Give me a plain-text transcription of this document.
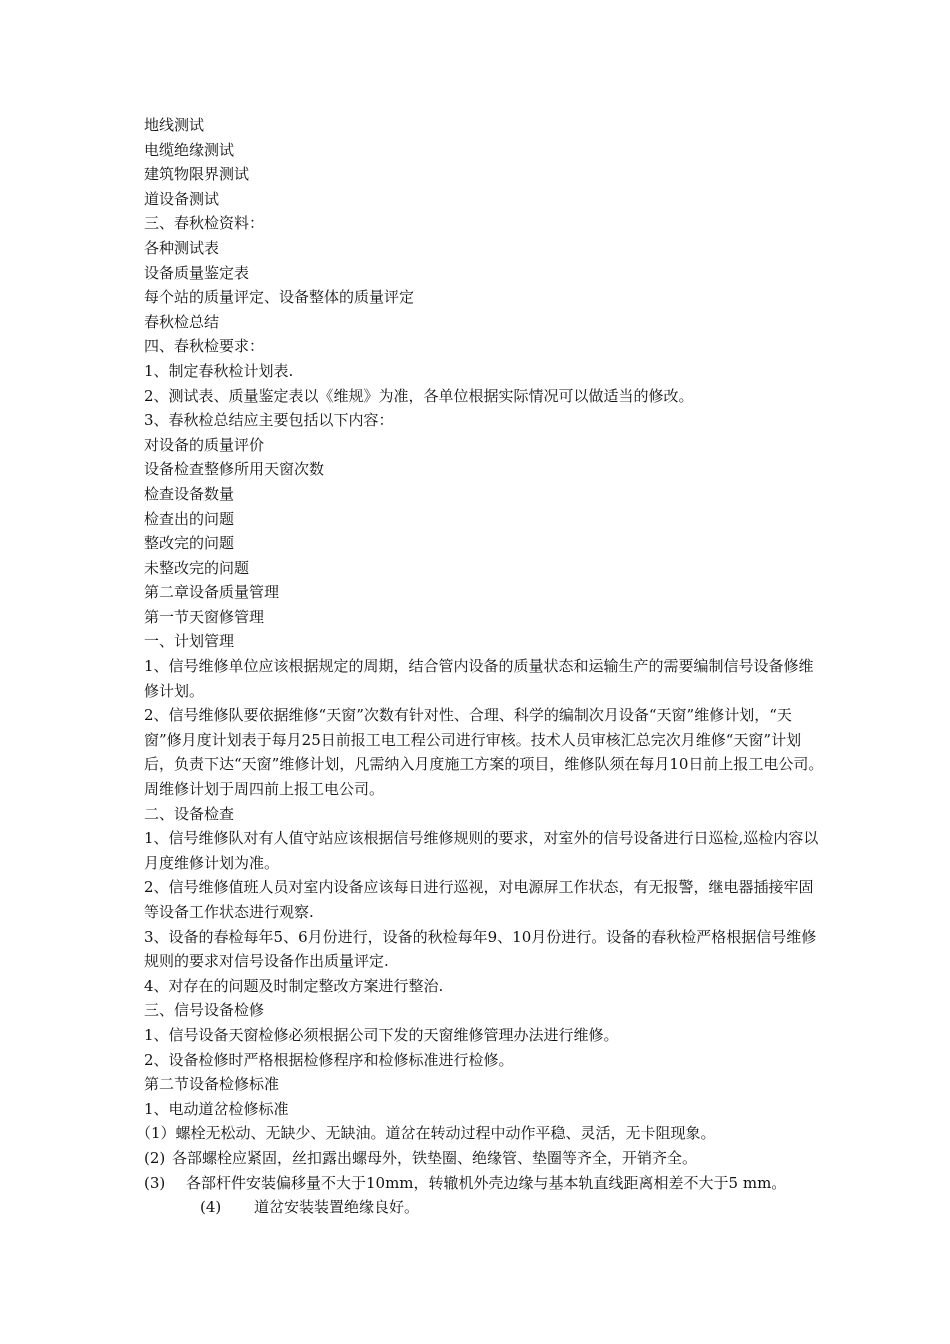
地线测试
电缆绝缘测试
建筑物限界测试
道设备测试
三、春秋检资料：
各种测试表
设备质量鉴定表
每个站的质量评定、设备整体的质量评定
春秋检总结
四、春秋检要求：
1、制定春秋检计划表.
2、测试表、质量鉴定表以《维规》为准，各单位根据实际情况可以做适当的修改。
3、春秋检总结应主要包括以下内容：
对设备的质量评价
设备检查整修所用天窗次数
检查设备数量
检查出的问题
整改完的问题
未整改完的问题
第二章设备质量管理
第一节天窗修管理
一、计划管理
1、信号维修单位应该根据规定的周期，结合管内设备的质量状态和运输生产的需要编制信号设备修维修计划。
2、信号维修队要依据维修“天窗”次数有针对性、合理、科学的编制次月设备“天窗”维修计划，“天窗”修月度计划表于每月25日前报工电工程公司进行审核。技术人员审核汇总完次月维修“天窗”计划后，负责下达“天窗”维修计划，凡需纳入月度施工方案的项目，维修队须在每月10日前上报工电公司。周维修计划于周四前上报工电公司。
二、设备检查
1、信号维修队对有人值守站应该根据信号维修规则的要求，对室外的信号设备进行日巡检,巡检内容以月度维修计划为准。
2、信号维修值班人员对室内设备应该每日进行巡视，对电源屏工作状态，有无报警，继电器插接牢固等设备工作状态进行观察.
3、设备的春检每年5、6月份进行，设备的秋检每年9、10月份进行。设备的春秋检严格根据信号维修规则的要求对信号设备作出质量评定.
4、对存在的问题及时制定整改方案进行整治.
三、信号设备检修
1、信号设备天窗检修必须根据公司下发的天窗维修管理办法进行维修。
2、设备检修时严格根据检修程序和检修标准进行检修。
第二节设备检修标准
1、电动道岔检修标准
（1） 螺栓无松动、无缺少、无缺油。道岔在转动过程中动作平稳、灵活，无卡阻现象。
(2) 各部螺栓应紧固，丝扣露出螺母外，铁垫圈、绝缘管、垫圈等齐全，开销齐全。
(3)	各部杆件安装偏移量不大于10mm，转辙机外壳边缘与基本轨直线距离相差不大于5 mm。
(4)	道岔安装装置绝缘良好。
